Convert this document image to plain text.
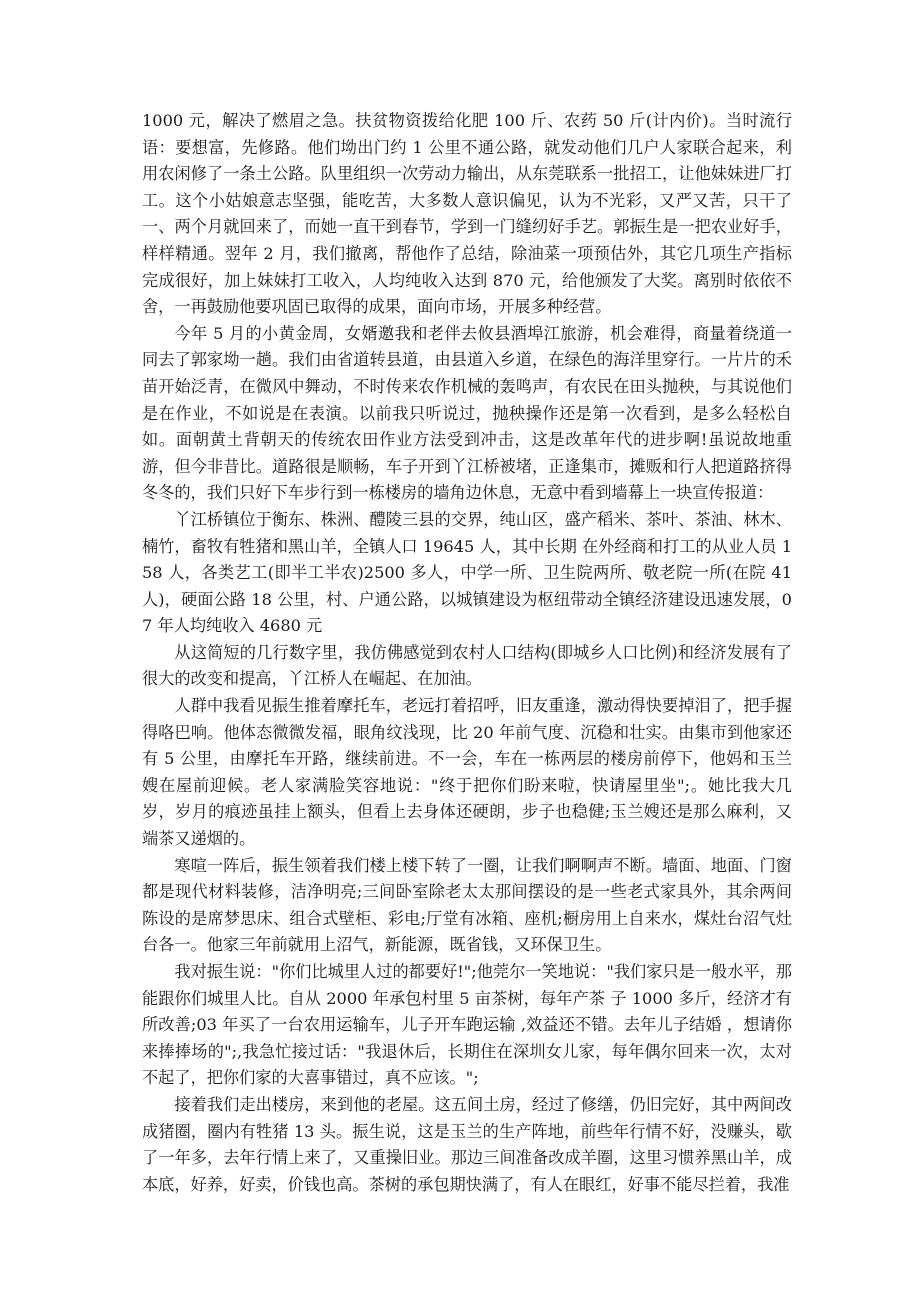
1000 元，解决了燃眉之急。扶贫物资拨给化肥 100 斤、农药 50 斤(计内价)。当时流行语：要想富，先修路。他们坳出门约 1 公里不通公路，就发动他们几户人家联合起来，利用农闲修了一条土公路。队里组织一次劳动力输出，从东莞联系一批招工，让他妹妹进厂打工。这个小姑娘意志坚强，能吃苦，大多数人意识偏见，认为不光彩，又严又苦，只干了一、两个月就回来了，而她一直干到春节，学到一门缝纫好手艺。郭振生是一把农业好手，样样精通。翌年 2 月，我们撤离，帮他作了总结，除油菜一项预估外，其它几项生产指标完成很好，加上妹妹打工收入，人均纯收入达到 870 元，给他颁发了大奖。离别时依依不舍，一再鼓励他要巩固已取得的成果，面向市场，开展多种经营。

今年 5 月的小黄金周，女婿邀我和老伴去攸县酒埠江旅游，机会难得，商量着绕道一同去了郭家坳一趟。我们由省道转县道，由县道入乡道，在绿色的海洋里穿行。一片片的禾苗开始泛青，在微风中舞动，不时传来农作机械的轰鸣声，有农民在田头抛秧，与其说他们是在作业，不如说是在表演。以前我只听说过，抛秧操作还是第一次看到，是多么轻松自如。面朝黄土背朝天的传统农田作业方法受到冲击，这是改革年代的进步啊!虽说故地重游，但今非昔比。道路很是顺畅，车子开到丫江桥被堵，正逢集市，摊贩和行人把道路挤得冬冬的，我们只好下车步行到一栋楼房的墙角边休息，无意中看到墙幕上一块宣传报道：

丫江桥镇位于衡东、株洲、醴陵三县的交界，纯山区，盛产稻米、茶叶、茶油、林木、楠竹，畜牧有牲猪和黑山羊，全镇人口 19645 人，其中长期 在外经商和打工的从业人员 158 人，各类艺工(即半工半农)2500 多人，中学一所、卫生院两所、敬老院一所(在院 41 人)，硬面公路 18 公里，村、户通公路，以城镇建设为枢纽带动全镇经济建设迅速发展，07 年人均纯收入 4680 元

从这简短的几行数字里，我仿佛感觉到农村人口结构(即城乡人口比例)和经济发展有了很大的改变和提高，丫江桥人在崛起、在加油。

人群中我看见振生推着摩托车，老远打着招呼，旧友重逢，激动得快要掉泪了，把手握得咯巴响。他体态微微发福，眼角纹浅现，比 20 年前气度、沉稳和壮实。由集市到他家还有 5 公里，由摩托车开路，继续前进。不一会，车在一栋两层的楼房前停下，他妈和玉兰嫂在屋前迎候。老人家满脸笑容地说："终于把你们盼来啦，快请屋里坐";。她比我大几岁，岁月的痕迹虽挂上额头，但看上去身体还硬朗，步子也稳健;玉兰嫂还是那么麻利，又端茶又递烟的。

寒喧一阵后，振生领着我们楼上楼下转了一圈，让我们啊啊声不断。墙面、地面、门窗都是现代材料装修，洁净明亮;三间卧室除老太太那间摆设的是一些老式家具外，其余两间陈设的是席梦思床、组合式壁柜、彩电;厅堂有冰箱、座机;橱房用上自来水，煤灶台沼气灶台各一。他家三年前就用上沼气，新能源，既省钱，又环保卫生。

我对振生说："你们比城里人过的都要好!";他莞尔一笑地说："我们家只是一般水平，那能跟你们城里人比。自从 2000 年承包村里 5 亩茶树，每年产茶 子 1000 多斤，经济才有所改善;03 年买了一台农用运输车，儿子开车跑运输 ,效益还不错。去年儿子结婚 ，想请你来捧捧场的";,我急忙接过话："我退休后，长期住在深圳女儿家，每年偶尔回来一次，太对不起了，把你们家的大喜事错过，真不应该。";

接着我们走出楼房，来到他的老屋。这五间土房，经过了修缮，仍旧完好，其中两间改成猪圈，圈内有牲猪 13 头。振生说，这是玉兰的生产阵地，前些年行情不好，没赚头，歇了一年多，去年行情上来了，又重操旧业。那边三间准备改成羊圈，这里习惯养黑山羊，成本底，好养，好卖，价钱也高。茶树的承包期快满了，有人在眼红，好事不能尽拦着，我准
